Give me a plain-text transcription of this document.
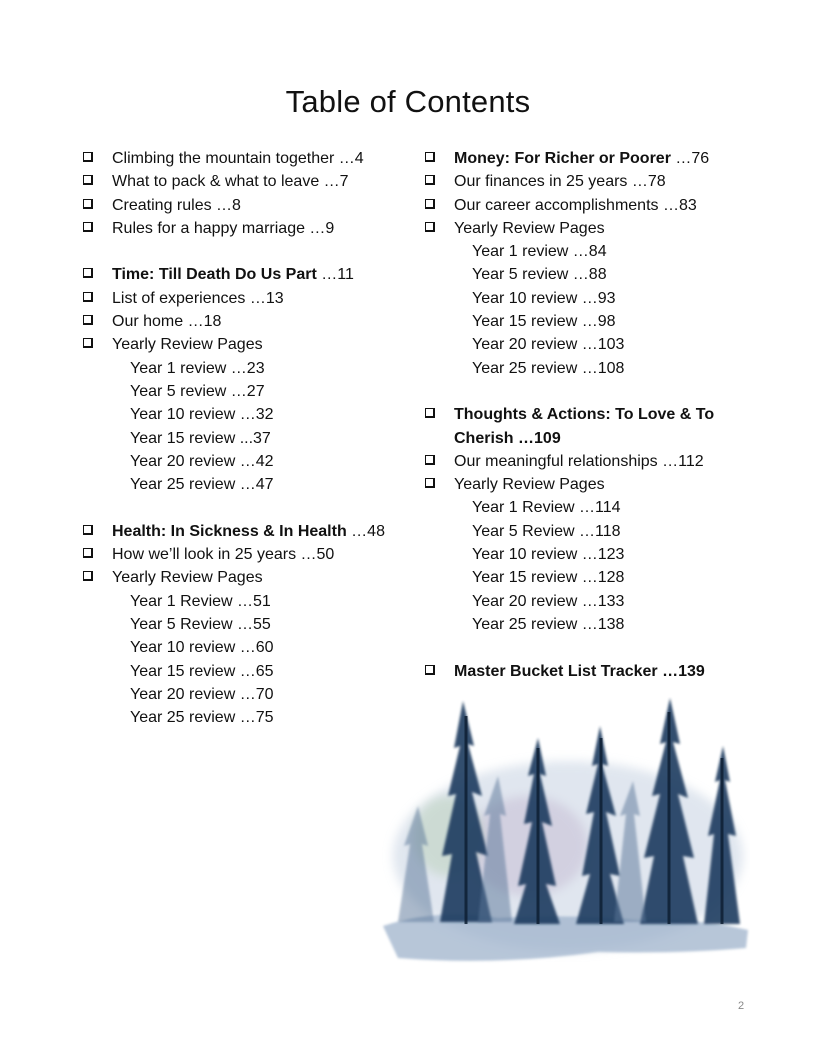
Table of Contents
Climbing the mountain together …4
What to pack & what to leave …7
Creating rules …8
Rules for a happy marriage …9
Time: Till Death Do Us Part …11
List of experiences …13
Our home …18
Yearly Review Pages
Year 1 review …23
Year 5 review …27
Year 10 review …32
Year 15 review ...37
Year 20 review …42
Year 25 review …47
Health: In Sickness & In Health …48
How we’ll look in 25 years …50
Yearly Review Pages
Year 1 Review …51
Year 5 Review …55
Year 10 review …60
Year 15 review …65
Year 20 review …70
Year 25 review …75
Money: For Richer or Poorer …76
Our finances in 25 years …78
Our career accomplishments …83
Yearly Review Pages
Year 1 review …84
Year 5 review …88
Year 10 review …93
Year 15 review …98
Year 20 review …103
Year 25 review …108
Thoughts & Actions: To Love & To Cherish …109
Our meaningful relationships …112
Yearly Review Pages
Year 1 Review …114
Year 5 Review …118
Year 10 review …123
Year 15 review …128
Year 20 review …133
Year 25 review …138
Master Bucket List Tracker …139
2
